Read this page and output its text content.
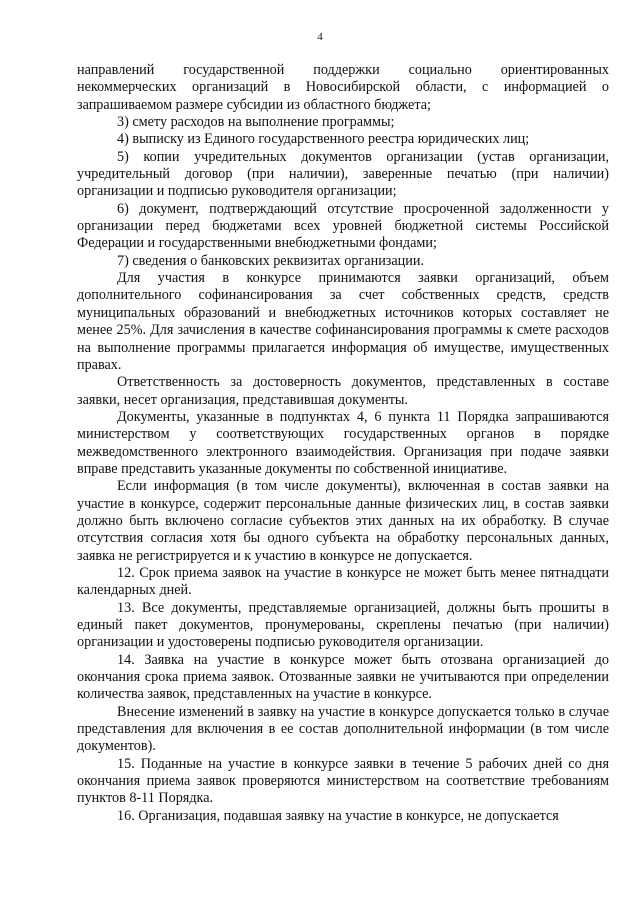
4

направлений государственной поддержки социально ориентированных некоммерческих организаций в Новосибирской области, с информацией о запрашиваемом размере субсидии из областного бюджета;

3) смету расходов на выполнение программы;

4) выписку из Единого государственного реестра юридических лиц;

5) копии учредительных документов организации (устав организации, учредительный договор (при наличии), заверенные печатью (при наличии) организации и подписью руководителя организации;

6) документ, подтверждающий отсутствие просроченной задолженности у организации перед бюджетами всех уровней бюджетной системы Российской Федерации и государственными внебюджетными фондами;

7) сведения о банковских реквизитах организации.

Для участия в конкурсе принимаются заявки организаций, объем дополнительного софинансирования за счет собственных средств, средств муниципальных образований и внебюджетных источников которых составляет не менее 25%. Для зачисления в качестве софинансирования программы к смете расходов на выполнение программы прилагается информация об имуществе, имущественных правах.

Ответственность за достоверность документов, представленных в составе заявки, несет организация, представившая документы.

Документы, указанные в подпунктах 4, 6 пункта 11 Порядка запрашиваются министерством у соответствующих государственных органов в порядке межведомственного электронного взаимодействия. Организация при подаче заявки вправе представить указанные документы по собственной инициативе.

Если информация (в том числе документы), включенная в состав заявки на участие в конкурсе, содержит персональные данные физических лиц, в состав заявки должно быть включено согласие субъектов этих данных на их обработку. В случае отсутствия согласия хотя бы одного субъекта на обработку персональных данных, заявка не регистрируется и к участию в конкурсе не допускается.

12. Срок приема заявок на участие в конкурсе не может быть менее пятнадцати календарных дней.

13. Все документы, представляемые организацией, должны быть прошиты в единый пакет документов, пронумерованы, скреплены печатью (при наличии) организации и удостоверены подписью руководителя организации.

14. Заявка на участие в конкурсе может быть отозвана организацией до окончания срока приема заявок. Отозванные заявки не учитываются при определении количества заявок, представленных на участие в конкурсе.

Внесение изменений в заявку на участие в конкурсе допускается только в случае представления для включения в ее состав дополнительной информации (в том числе документов).

15. Поданные на участие в конкурсе заявки в течение 5 рабочих дней со дня окончания приема заявок проверяются министерством на соответствие требованиям пунктов 8-11 Порядка.

16. Организация, подавшая заявку на участие в конкурсе, не допускается
